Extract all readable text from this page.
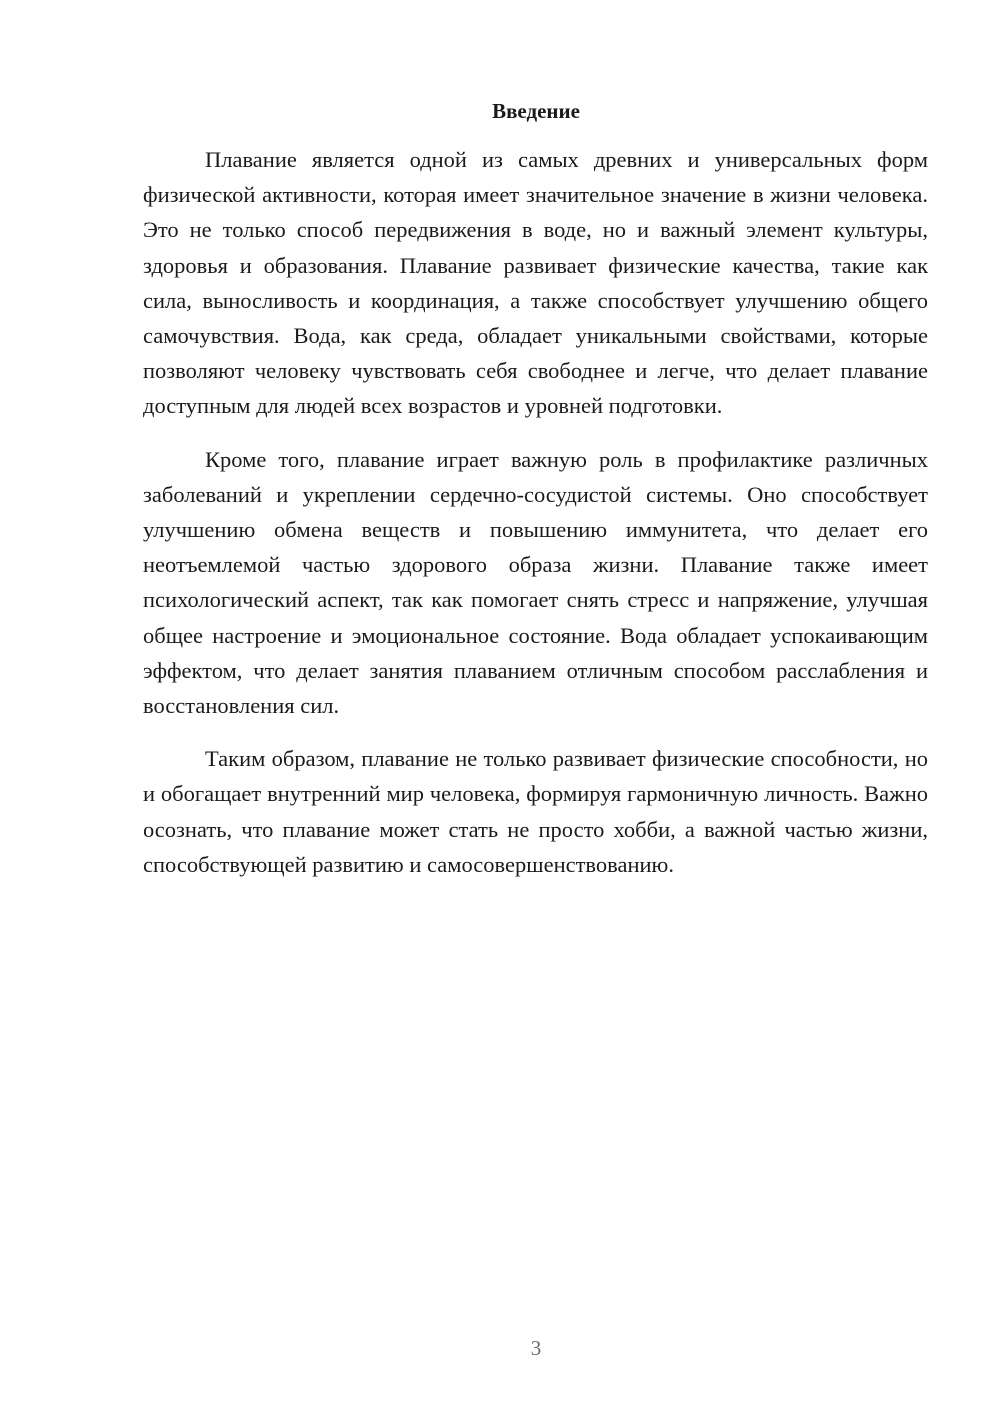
Введение

Плавание является одной из самых древних и универсальных форм физической активности, которая имеет значительное значение в жизни человека. Это не только способ передвижения в воде, но и важный элемент культуры, здоровья и образования. Плавание развивает физические качества, такие как сила, выносливость и координация, а также способствует улучшению общего самочувствия. Вода, как среда, обладает уникальными свойствами, которые позволяют человеку чувствовать себя свободнее и легче, что делает плавание доступным для людей всех возрастов и уровней подготовки.

Кроме того, плавание играет важную роль в профилактике различных заболеваний и укреплении сердечно-сосудистой системы. Оно способствует улучшению обмена веществ и повышению иммунитета, что делает его неотъемлемой частью здорового образа жизни. Плавание также имеет психологический аспект, так как помогает снять стресс и напряжение, улучшая общее настроение и эмоциональное состояние. Вода обладает успокаивающим эффектом, что делает занятия плаванием отличным способом расслабления и восстановления сил.

Таким образом, плавание не только развивает физические способности, но и обогащает внутренний мир человека, формируя гармоничную личность. Важно осознать, что плавание может стать не просто хобби, а важной частью жизни, способствующей развитию и самосовершенствованию.

3
